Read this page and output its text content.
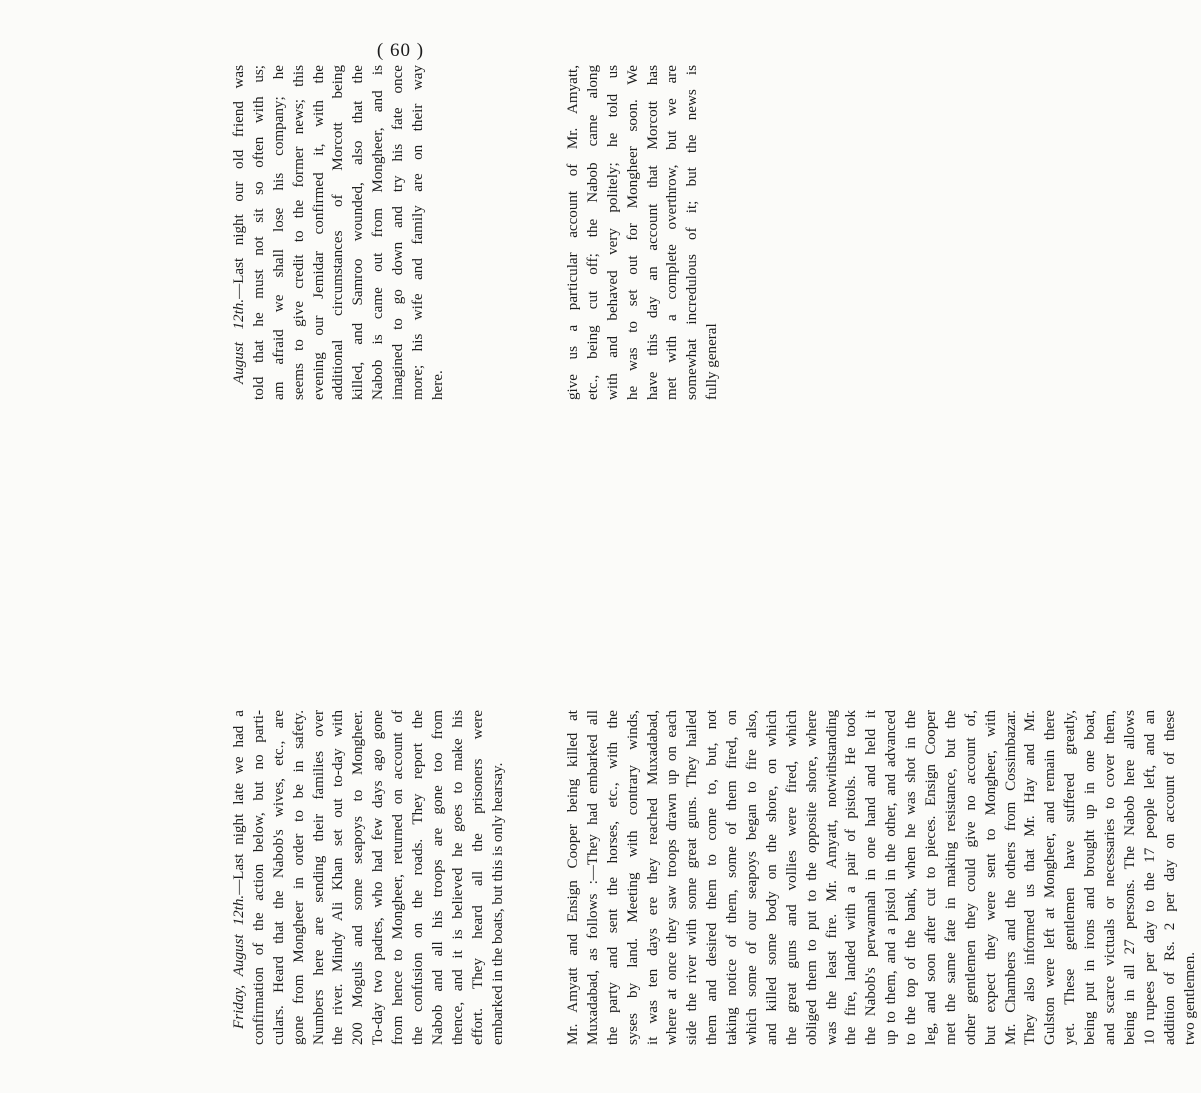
( 60 )
give us a particular account of Mr. Amyatt, etc., being cut off; the Nabob came along with and behaved very politely; he told us he was to set out for Mongheer soon. We have this day an account that Morcott has met with a complete overthrow, but we are somewhat incredulous of it; but the news is fully general
Mr. Amyatt and Ensign Cooper being killed at Muxadabad, as follows :—They had embarked all the party and sent the horses, etc., with the syses by land. Meeting with contrary winds, it was ten days ere they reached Muxadabad, where at once they saw troops drawn up on each side the river with some great guns. They hailed them and desired them to come to, but, not taking notice of them, some of them fired, on which some of our seapoys began to fire also, and killed some body on the shore, on which the great guns and vollies were fired, which obliged them to put to the opposite shore, where was the least fire. Mr. Amyatt, notwithstanding the fire, landed with a pair of pistols. He took the Nabob's perwannah in one hand and held it up to them, and a pistol in the other, and advanced to the top of the bank, when he was shot in the leg, and soon after cut to pieces. Ensign Cooper met the same fate in making resistance, but the other gentlemen they could give no account of, but expect they were sent to Mongheer, with Mr. Chambers and the others from Cossimbazar. They also informed us that Mr. Hay and Mr. Gulston were left at Mongheer, and remain there yet. These gentlemen have suffered greatly, being put in irons and brought up in one boat, and scarce victuals or necessaries to cover them, being in all 27 persons. The Nabob here allows 10 rupees per day to the 17 people left, and an addition of Rs. 2 per day on account of these two gentlemen.
August 12th.—Last night our old friend was told that he must not sit so often with us; am afraid we shall lose his company; he seems to give credit to the former news; this evening our Jemidar confirmed it, with the additional circumstances of Morcott being killed, and Samroo wounded, also that the Nabob is came out from Mongheer, and is imagined to go down and try his fate once more; his wife and family are on their way here.
Friday, August 12th.—Last night late we had a confirmation of the action below, but no parti- culars. Heard that the Nabob's wives, etc., are gone from Mongheer in order to be in safety. Numbers here are sending their families over the river. Mindy Ali Khan set out to-day with 200 Moguls and some seapoys to Mongheer. To-day two padres, who had few days ago gone from hence to Mongheer, returned on account of the confusion on the roads. They report the Nabob and all his troops are gone too from thence, and it is believed he goes to make his effort. They heard all the prisoners were embarked in the boats, but this is only hearsay.
